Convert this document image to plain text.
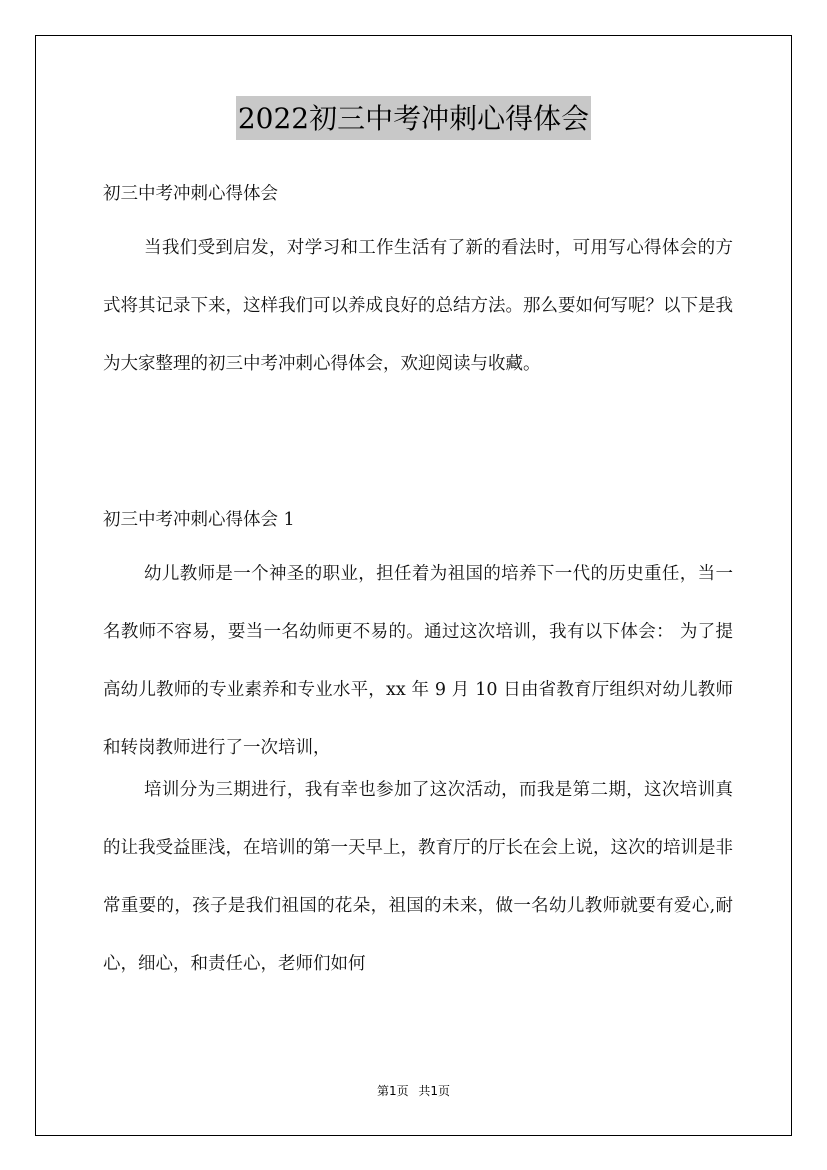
2022初三中考冲刺心得体会

初三中考冲刺心得体会

当我们受到启发，对学习和工作生活有了新的看法时，可用写心得体会的方式将其记录下来，这样我们可以养成良好的总结方法。那么要如何写呢？以下是我为大家整理的初三中考冲刺心得体会，欢迎阅读与收藏。

初三中考冲刺心得体会 1

幼儿教师是一个神圣的职业，担任着为祖国的培养下一代的历史重任，当一名教师不容易，要当一名幼师更不易的。通过这次培训，我有以下体会： 为了提高幼儿教师的专业素养和专业水平，xx 年 9 月 10 日由省教育厅组织对幼儿教师和转岗教师进行了一次培训，

培训分为三期进行，我有幸也参加了这次活动，而我是第二期，这次培训真的让我受益匪浅，在培训的第一天早上，教育厅的厅长在会上说，这次的培训是非常重要的，孩子是我们祖国的花朵，祖国的未来，做一名幼儿教师就要有爱心,耐心，细心，和责任心，老师们如何

第1页 共1页
